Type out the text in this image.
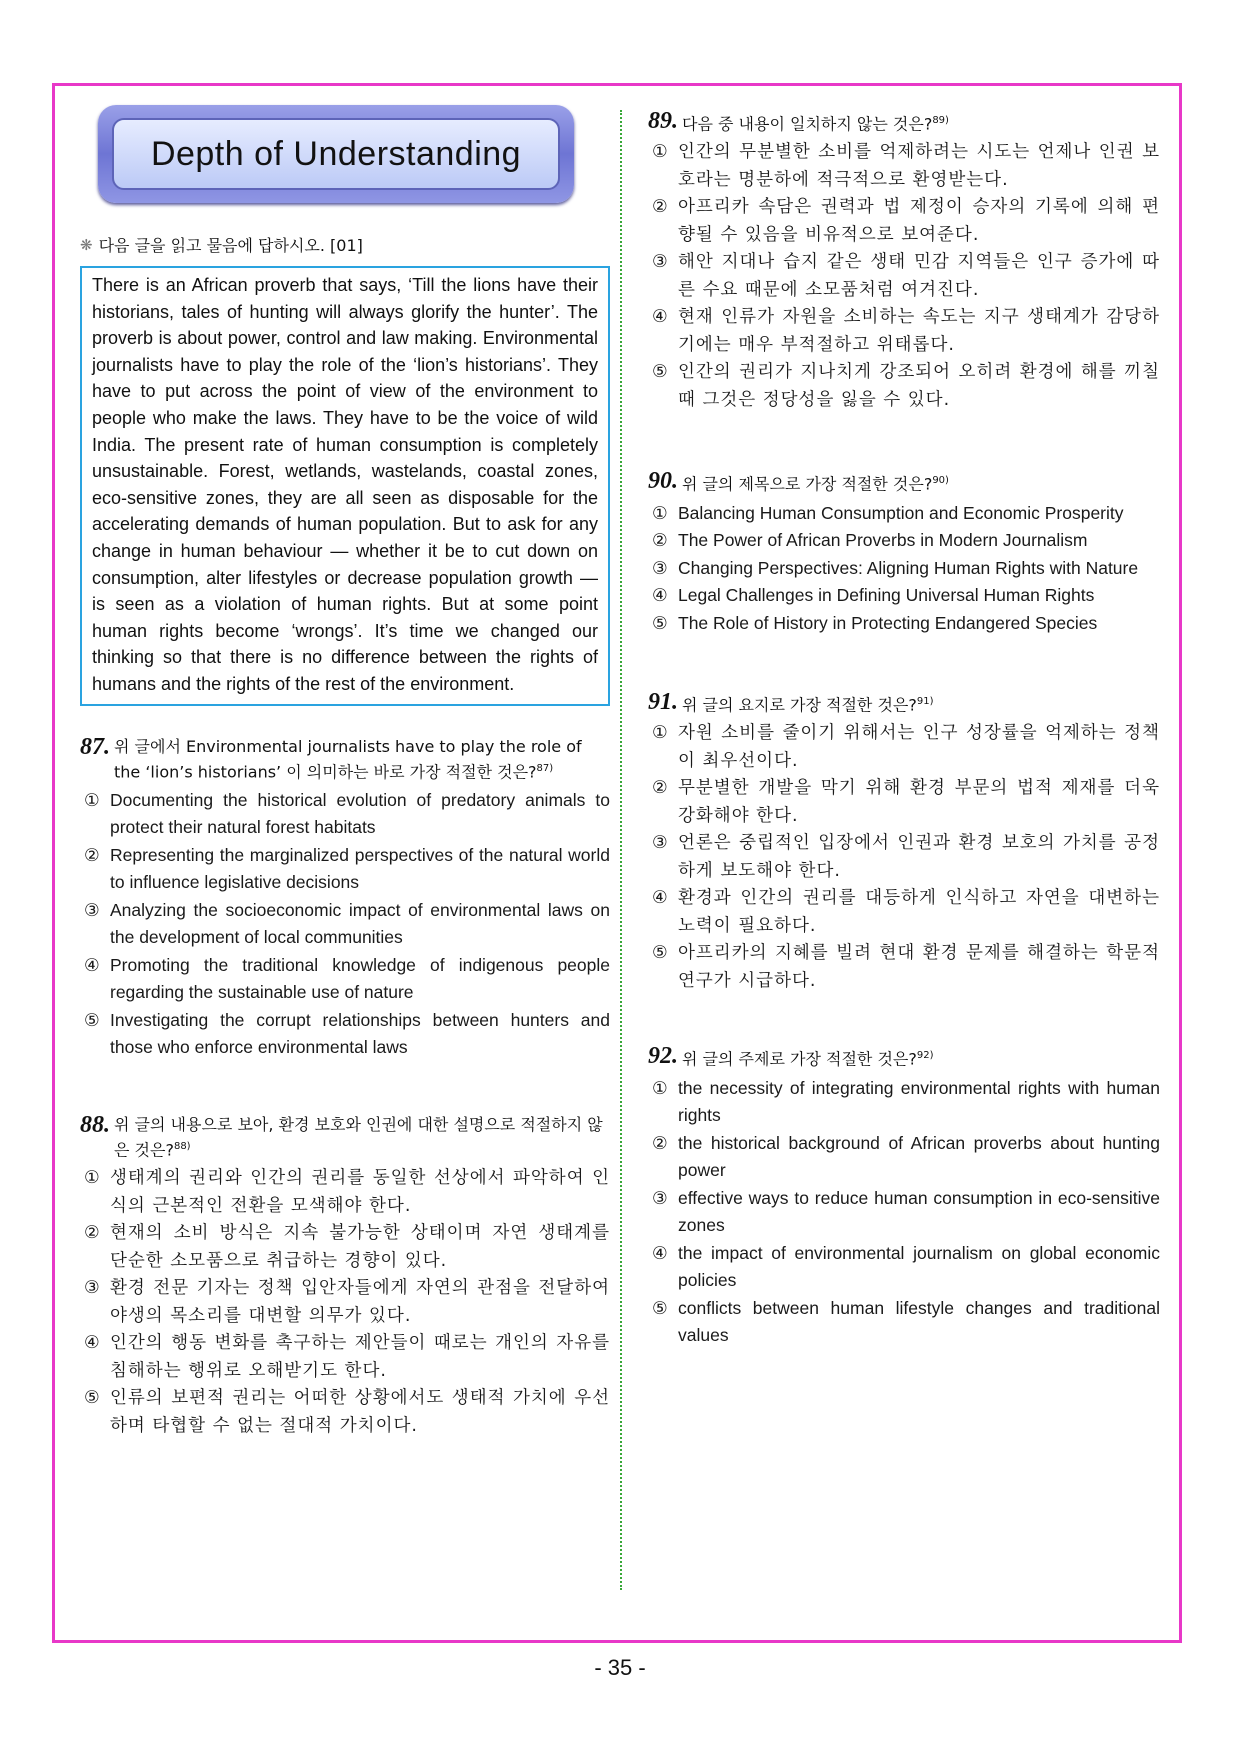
Depth of Understanding
❋ 다음 글을 읽고 물음에 답하시오. [01]
There is an African proverb that says, ‘Till the lions have their historians, tales of hunting will always glorify the hunter’. The proverb is about power, control and law making. Environmental journalists have to play the role of the ‘lion’s historians’. They have to put across the point of view of the environment to people who make the laws. They have to be the voice of wild India. The present rate of human consumption is completely unsustainable. Forest, wetlands, wastelands, coastal zones, eco-sensitive zones, they are all seen as disposable for the accelerating demands of human population. But to ask for any change in human behaviour — whether it be to cut down on consumption, alter lifestyles or decrease population growth — is seen as a violation of human rights. But at some point human rights become ‘wrongs’. It’s time we changed our thinking so that there is no difference between the rights of humans and the rights of the rest of the environment.
87. 위 글에서 Environmental journalists have to play the role of the ‘lion’s historians’ 이 의미하는 바로 가장 적절한 것은?$^{87)}$
① Documenting the historical evolution of predatory animals to protect their natural forest habitats
② Representing the marginalized perspectives of the natural world to influence legislative decisions
③ Analyzing the socioeconomic impact of environmental laws on the development of local communities
④ Promoting the traditional knowledge of indigenous people regarding the sustainable use of nature
⑤ Investigating the corrupt relationships between hunters and those who enforce environmental laws
88. 위 글의 내용으로 보아, 환경 보호와 인권에 대한 설명으로 적절하지 않은 것은?$^{88)}$
① 생태계의 권리와 인간의 권리를 동일한 선상에서 파악하여 인식의 근본적인 전환을 모색해야 한다.
② 현재의 소비 방식은 지속 불가능한 상태이며 자연 생태계를 단순한 소모품으로 취급하는 경향이 있다.
③ 환경 전문 기자는 정책 입안자들에게 자연의 관점을 전달하여 야생의 목소리를 대변할 의무가 있다.
④ 인간의 행동 변화를 촉구하는 제안들이 때로는 개인의 자유를 침해하는 행위로 오해받기도 한다.
⑤ 인류의 보편적 권리는 어떠한 상황에서도 생태적 가치에 우선하며 타협할 수 없는 절대적 가치이다.
89. 다음 중 내용이 일치하지 않는 것은?$^{89)}$
① 인간의 무분별한 소비를 억제하려는 시도는 언제나 인권 보호라는 명분하에 적극적으로 환영받는다.
② 아프리카 속담은 권력과 법 제정이 승자의 기록에 의해 편향될 수 있음을 비유적으로 보여준다.
③ 해안 지대나 습지 같은 생태 민감 지역들은 인구 증가에 따른 수요 때문에 소모품처럼 여겨진다.
④ 현재 인류가 자원을 소비하는 속도는 지구 생태계가 감당하기에는 매우 부적절하고 위태롭다.
⑤ 인간의 권리가 지나치게 강조되어 오히려 환경에 해를 끼칠 때 그것은 정당성을 잃을 수 있다.
90. 위 글의 제목으로 가장 적절한 것은?$^{90)}$
① Balancing Human Consumption and Economic Prosperity
② The Power of African Proverbs in Modern Journalism
③ Changing Perspectives: Aligning Human Rights with Nature
④ Legal Challenges in Defining Universal Human Rights
⑤ The Role of History in Protecting Endangered Species
91. 위 글의 요지로 가장 적절한 것은?$^{91)}$
① 자원 소비를 줄이기 위해서는 인구 성장률을 억제하는 정책이 최우선이다.
② 무분별한 개발을 막기 위해 환경 부문의 법적 제재를 더욱 강화해야 한다.
③ 언론은 중립적인 입장에서 인권과 환경 보호의 가치를 공정하게 보도해야 한다.
④ 환경과 인간의 권리를 대등하게 인식하고 자연을 대변하는 노력이 필요하다.
⑤ 아프리카의 지혜를 빌려 현대 환경 문제를 해결하는 학문적 연구가 시급하다.
92. 위 글의 주제로 가장 적절한 것은?$^{92)}$
① the necessity of integrating environmental rights with human rights
② the historical background of African proverbs about hunting power
③ effective ways to reduce human consumption in eco-sensitive zones
④ the impact of environmental journalism on global economic policies
⑤ conflicts between human lifestyle changes and traditional values
- 35 -
